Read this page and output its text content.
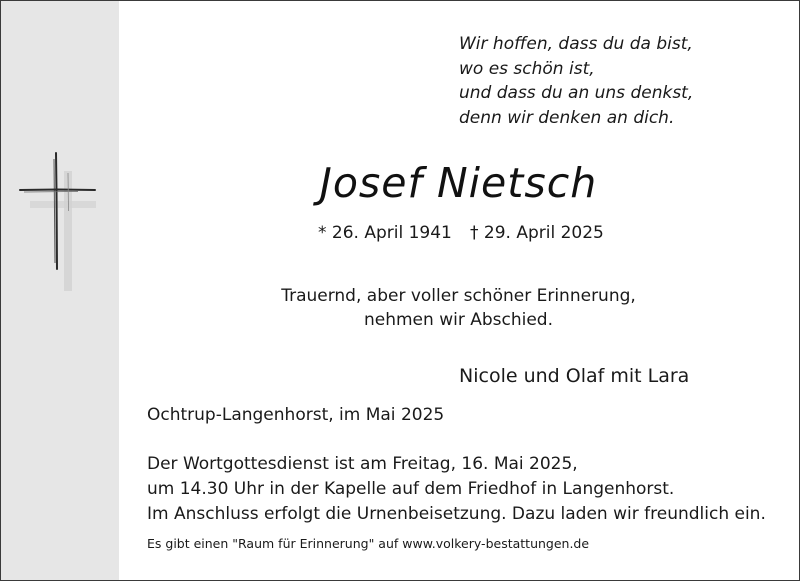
Wir hoffen, dass du da bist,
wo es schön ist,
und dass du an uns denkst,
denn wir denken an dich.
Josef Nietsch
* 26. April 1941 † 29. April 2025
Trauernd, aber voller schöner Erinnerung,
nehmen wir Abschied.
Nicole und Olaf mit Lara
Ochtrup-Langenhorst, im Mai 2025
Der Wortgottesdienst ist am Freitag, 16. Mai 2025,
um 14.30 Uhr in der Kapelle auf dem Friedhof in Langenhorst.
Im Anschluss erfolgt die Urnenbeisetzung. Dazu laden wir freundlich ein.
Es gibt einen "Raum für Erinnerung" auf www.volkery-bestattungen.de
